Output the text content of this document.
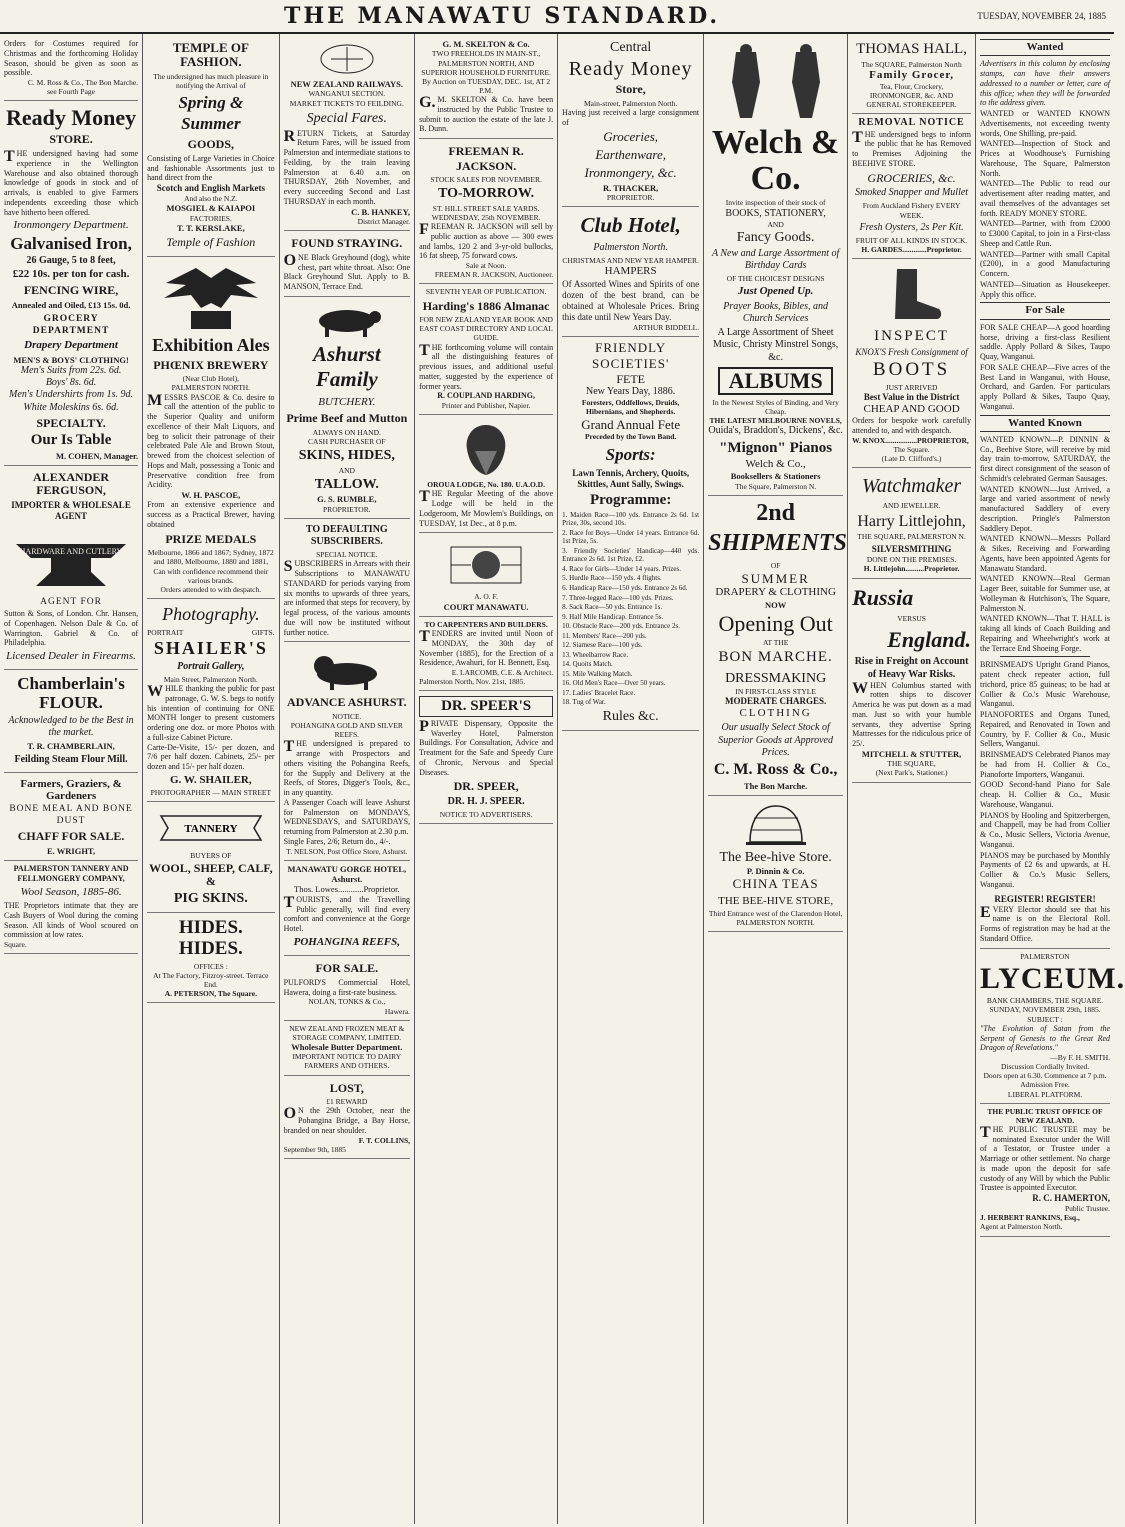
THE MANAWATU STANDARD.	TUESDAY, NOVEMBER 24, 1885
Orders for Costumes required for Christmas and the forthcoming Holiday Season, should be given as soon as possible.
C. M. Ross & Co., The Bon Marche.
see Fourth Page
Ready Money
STORE.
THE undersigned having had some experience in the Wellington Warehouse and also obtained thorough knowledge of goods in stock and of arrivals, is enabled to give Farmers independents exceeding those which have hitherto been offered.
Ironmongery Department.
Galvanised Iron,
26 Gauge, 5 to 8 feet,
£22 10s. per ton for cash.
FENCING WIRE,
Annealed and Oiled, £13 15s. 0d.
GROCERY DEPARTMENT
Drapery Department
MEN'S & BOYS' CLOTHING!
Men's Suits from 22s. 6d.
Boys' 8s. 6d.
Men's Undershirts from 1s. 9d.
White Moleskins 6s. 6d.
SPECIALTY.
Our Is Table
M. COHEN, Manager.
ALEXANDER FERGUSON,
IMPORTER & WHOLESALE AGENT
HARDWARE AND CUTLERY
AGENT FOR
Sutton & Sons, of London. Chr. Hansen, of Copenhagen. Nelson Dale & Co. of Warrington. Gabriel & Co. of Philadelphia.
Licensed Dealer in Firearms.
Chamberlain's FLOUR.
Acknowledged to be the Best in the market.
T. R. CHAMBERLAIN,
Feilding Steam Flour Mill.
Farmers, Graziers, & Gardeners
BONE MEAL AND BONE DUST
CHAFF FOR SALE.
E. WRIGHT,
PALMERSTON TANNERY AND FELLMONGERY COMPANY,
Wool Season, 1885-86.
THE Proprietors intimate that they are Cash Buyers of Wool during the coming Season. All kinds of Wool scoured on commission at low rates.
Square.
TEMPLE OF FASHION.
The undersigned has much pleasure in notifying the Arrival of
Spring & Summer
GOODS,
Consisting of Large Varieties in Choice and fashionable Assortments just to hand direct from the
Scotch and English Markets
And also the N.Z.
MOSGIEL & KAIAPOI
FACTORIES.
T. T. KERSLAKE,
Temple of Fashion
Exhibition Ales
PHŒNIX BREWERY
(Near Club Hotel),
PALMERSTON NORTH.
MESSRS PASCOE & Co. desire to call the attention of the public to the Superior Quality and uniform excellence of their Malt Liquors, and beg to solicit their patronage of their celebrated Pale Ale and Brown Stout, brewed from the choicest selection of Hops and Malt, possessing a Tonic and Preservative condition free from Acidity.
W. H. PASCOE,
From an extensive experience and success as a Practical Brewer, having obtained
PRIZE MEDALS
Melbourne, 1866 and 1867; Sydney, 1872 and 1880, Melbourne, 1880 and 1881,
Can with confidence recommend their various brands.
Orders attended to with despatch.
Photography.
PORTRAIT	GIFTS.
SHAILER'S
Portrait Gallery,
Main Street, Palmerston North.
WHILE thanking the public for past patronage, G. W. S. begs to notify his intention of continuing for ONE MONTH longer to present customers ordering one doz. or more Photos with a full-size Cabinet Picture.
Carte-De-Visite, 15/- per dozen, and 7/6 per half dozen. Cabinets, 25/- per dozen and 15/- per half dozen.
G. W. SHAILER,
PHOTOGRAPHER — MAIN STREET
TANNERY
BUYERS OF
WOOL, SHEEP, CALF, &
PIG SKINS.
HIDES. HIDES.
OFFICES :
At The Factory, Fitzroy-street. Terrace End.
A. PETERSON, The Square.
NEW ZEALAND RAILWAYS.
WANGANUI SECTION.
MARKET TICKETS TO FEILDING.
Special Fares.
RETURN Tickets, at Saturday Return Fares, will be issued from Palmerston and intermediate stations to Feilding, by the train leaving Palmerston at 6.40 a.m. on THURSDAY, 26th November, and every succeeding Second and Last THURSDAY in each month.
C. B. HANKEY,
District Manager.
FOUND STRAYING.
ONE Black Greyhound (dog), white chest, part white throat. Also: One Black Greyhound Slut. Apply to B. MANSON, Terrace End.
Ashurst Family
BUTCHERY.
Prime Beef and Mutton
ALWAYS ON HAND.
CASH PURCHASER OF
SKINS, HIDES,
AND
TALLOW.
G. S. RUMBLE,
PROPRIETOR.
TO DEFAULTING SUBSCRIBERS.
SPECIAL NOTICE.
SUBSCRIBERS in Arrears with their Subscriptions to MANAWATU STANDARD for periods varying from six months to upwards of three years, are informed that steps for recovery, by legal process, of the various amounts due will now be instituted without further notice.
ADVANCE ASHURST.
NOTICE.
POHANGINA GOLD AND SILVER REEFS.
THE undersigned is prepared to arrange with Prospectors and others visiting the Pohangina Reefs, for the Supply and Delivery at the Reefs, of Stores, Digger's Tools, &c., in any quantity.
A Passenger Coach will leave Ashurst for Palmerston on MONDAYS, WEDNESDAYS, and SATURDAYS, returning from Palmerston at 2.30 p.m.
Single Fares, 2/6; Return do., 4/-.
T. NELSON, Post Office Store, Ashurst.
MANAWATU GORGE HOTEL, Ashurst.
Thos. Lowes............Proprietor.
TOURISTS, and the Travelling Public generally, will find every comfort and convenience at the Gorge Hotel.
POHANGINA REEFS,
FOR SALE.
PULFORD'S Commercial Hotel, Hawera, doing a first-rate business.
NOLAN, TONKS & Co.,
Hawera.
NEW ZEALAND FROZEN MEAT & STORAGE COMPANY, LIMITED.
Wholesale Butter Department.
IMPORTANT NOTICE TO DAIRY FARMERS AND OTHERS.
LOST,
£1 REWARD
ON the 29th October, near the Pohangina Bridge, a Bay Horse, branded on near shoulder.
F. T. COLLINS,
September 9th, 1885
G. M. SKELTON & Co.
TWO FREEHOLDS IN MAIN-ST., PALMERSTON NORTH, AND SUPERIOR HOUSEHOLD FURNITURE.
By Auction on TUESDAY, DEC. 1st, AT 2 P.M.
G.M. SKELTON & Co. have been instructed by the Public Trustee to submit to auction the estate of the late J. B. Dunn.
FREEMAN R. JACKSON.
STOCK SALES FOR NOVEMBER.
TO-MORROW.
ST. HILL STREET SALE YARDS.
WEDNESDAY, 25th NOVEMBER.
FREEMAN R. JACKSON will sell by public auction as above — 300 ewes and lambs, 120 2 and 3-yr-old bullocks, 16 fat sheep, 75 forward cows.
Sale at Noon.
FREEMAN R. JACKSON, Auctioneer.
SEVENTH YEAR OF PUBLICATION.
Harding's 1886 Almanac
FOR NEW ZEALAND YEAR BOOK AND EAST COAST DIRECTORY AND LOCAL GUIDE.
THE forthcoming volume will contain all the distinguishing features of previous issues, and additional useful matter, suggested by the experience of former years.
R. COUPLAND HARDING,
Printer and Publisher, Napier.
OROUA LODGE, No. 180. U.A.O.D.
THE Regular Meeting of the above Lodge will be held in the Lodgeroom, Mr Mowlem's Buildings, on TUESDAY, 1st Dec., at 8 p.m.
A. O. F.
COURT MANAWATU.
TO CARPENTERS AND BUILDERS.
TENDERS are invited until Noon of MONDAY, the 30th day of November (1885), for the Erection of a Residence, Awahuri, for H. Bennett, Esq.
E. LARCOMB, C.E. & Architect.
Palmerston North, Nov. 21st, 1885.
DR. SPEER'S
PRIVATE Dispensary, Opposite the Waverley Hotel, Palmerston Buildings. For Consultation, Advice and Treatment for the Safe and Speedy Cure of Chronic, Nervous and Special Diseases.
DR. SPEER,
DR. H. J. SPEER.
NOTICE TO ADVERTISERS.
Central
Ready Money
Store,
Main-street, Palmerston North.
Having just received a large consignment of
Groceries,
Earthenware,
Ironmongery, &c.
R. THACKER,
PROPRIETOR.
Club Hotel,
Palmerston North.
CHRISTMAS AND NEW YEAR HAMPER.
HAMPERS
Of Assorted Wines and Spirits of one dozen of the best brand, can be obtained at Wholesale Prices. Bring this date until New Years Day.
ARTHUR BIDDELL.
FRIENDLY SOCIETIES'
FETE
New Years Day, 1886.
Foresters, Oddfellows, Druids, Hibernians, and Shepherds.
Grand Annual Fete
Preceded by the Town Band.
Sports:
Lawn Tennis, Archery, Quoits, Skittles, Aunt Sally, Swings.
Programme:
1. Maiden Race—100 yds. Entrance 2s 6d. 1st Prize, 30s, second 10s.
2. Race for Boys—Under 14 years. Entrance 6d. 1st Prize, 5s.
3. Friendly Societies' Handicap—440 yds. Entrance 2s 6d. 1st Prize, £2.
4. Race for Girls—Under 14 years. Prizes.
5. Hurdle Race—150 yds. 4 flights.
6. Handicap Race—150 yds. Entrance 2s 6d.
7. Three-legged Race—100 yds. Prizes.
8. Sack Race—50 yds. Entrance 1s.
9. Half Mile Handicap. Entrance 5s.
10. Obstacle Race—200 yds. Entrance 2s.
11. Members' Race—200 yds.
12. Siamese Race—100 yds.
13. Wheelbarrow Race.
14. Quoits Match.
15. Mile Walking Match.
16. Old Men's Race—Over 50 years.
17. Ladies' Bracelet Race.
18. Tug of War.
Rules &c.
Welch & Co.
Invite inspection of their stock of
BOOKS, STATIONERY,
AND
Fancy Goods.
A New and Large Assortment of Birthday Cards
OF THE CHOICEST DESIGNS
Just Opened Up.
Prayer Books, Bibles, and Church Services
A Large Assortment of Sheet Music, Christy Minstrel Songs, &c.
ALBUMS
In the Newest Styles of Binding, and Very Cheap.
THE LATEST MELBOURNE NOVELS,
Ouida's, Braddon's, Dickens', &c.
"Mignon" Pianos
Welch & Co.,
Booksellers & Stationers
The Square, Palmerston N.
2nd
SHIPMENTS
OF
SUMMER
DRAPERY & CLOTHING
NOW
Opening Out
AT THE
BON MARCHE.
DRESSMAKING
IN FIRST-CLASS STYLE
MODERATE CHARGES.
CLOTHING
Our usually Select Stock of Superior Goods at Approved Prices.
C. M. Ross & Co.,
The Bon Marche.
The Bee-hive Store.
P. Dinnin & Co.
CHINA TEAS
THE BEE-HIVE STORE,
Third Entrance west of the Clarendon Hotel,
PALMERSTON NORTH.
THOMAS HALL,
The SQUARE, Palmerston North
Family Grocer,
Tea, Flour, Crockery,
IRONMONGER, &c. AND GENERAL STOREKEEPER.
REMOVAL NOTICE
THE undersigned begs to inform the public that he has Removed to Premises Adjoining the BEEHIVE STORE.
GROCERIES, &c.
Smoked Snapper and Mullet
From Auckland Fishery EVERY WEEK.
Fresh Oysters, 2s Per Kit.
FRUIT OF ALL KINDS IN STOCK.
H. GARDES.............Proprietor.
INSPECT
KNOX'S Fresh Consignment of
BOOTS
JUST ARRIVED
Best Value in the District
CHEAP AND GOOD
Orders for bespoke work carefully attended to, and with despatch.
W. KNOX.................PROPRIETOR,
The Square.
(Late D. Clifford's.)
Watchmaker
AND JEWELLER.
Harry Littlejohn,
THE SQUARE, PALMERSTON N.
SILVERSMITHING
DONE ON THE PREMISES.
H. Littlejohn..........Proprietor.
Russia
VERSUS
England.
Rise in Freight on Account of Heavy War Risks.
WHEN Columbus started with rotten ships to discover America he was put down as a mad man. Just so with your humble servants, they advertise Spring Mattresses for the ridiculous price of 25/.
MITCHELL & STUTTER,
THE SQUARE,
(Next Park's, Stationer.)
Wanted
Advertisers in this column by enclosing stamps, can have their answers addressed to a number or letter, care of this office; when they will be forwarded to the address given.
WANTED or WANTED KNOWN Advertisements, not exceeding twenty words, One Shilling, pre-paid.
WANTED—Inspection of Stock and Prices at Woodhouse's Furnishing Warehouse, The Square, Palmerston North.
WANTED—The Public to read our advertisement after reading matter, and avail themselves of the advantages set forth. READY MONEY STORE.
WANTED—Partner, with from £2000 to £3000 Capital, to join in a First-class Sheep and Cattle Run.
WANTED—Partner with small Capital (£200), in a good Manufacturing Concern.
WANTED—Situation as Housekeeper. Apply this office.
For Sale
FOR SALE CHEAP—A good hoarding horse, driving a first-class Resilient saddle. Apply Pollard & Sikes, Taupo Quay, Wanganui.
FOR SALE CHEAP—Five acres of the Best Land in Wanganui, with House, Orchard, and Garden. For particulars apply Pollard & Sikes, Taupo Quay, Wanganui.
Wanted Known
WANTED KNOWN—P. DINNIN & Co., Beehive Store, will receive by mid day train to-morrow, SATURDAY, the first direct consignment of the season of Schmidt's celebrated German Sausages.
WANTED KNOWN—Just Arrived, a large and varied assortment of newly manufactured Saddlery of every description. Pringle's Palmerston Saddlery Depot.
WANTED KNOWN—Messrs Pollard & Sikes, Receiving and Forwarding Agents, have been appointed Agents for Manawatu Standard.
WANTED KNOWN—Real German Lager Beer, suitable for Summer use, at Wolleyman & Hutchison's, The Square, Palmerston N.
WANTED KNOWN—That T. HALL is taking all kinds of Coach Building and Repairing and Wheelwright's work at the Terrace End Shoeing Forge.
BRINSMEAD'S Upright Grand Pianos, patent check repeater action, full trichord, price 85 guineas; to be had at Collier & Co.'s Music Warehouse, Wanganui.
PIANOFORTES and Organs Tuned, Repaired, and Renovated in Town and Country, by F. Collier & Co., Music Sellers, Wanganui.
BRINSMEAD'S Celebrated Pianos may be had from H. Collier & Co., Pianoforte Importers, Wanganui.
GOOD Second-hand Piano for Sale cheap. H. Collier & Co., Music Warehouse, Wanganui.
PIANOS by Hooling and Spitzerbergen, and Chappell, may be had from Collier & Co., Music Sellers, Victoria Avenue, Wanganui.
PIANOS may be purchased by Monthly Payments of £2 6s and upwards, at H. Collier & Co.'s Music Sellers, Wanganui.
REGISTER! REGISTER!
EVERY Elector should see that his name is on the Electoral Roll. Forms of registration may be had at the Standard Office.
PALMERSTON
LYCEUM.
BANK CHAMBERS, THE SQUARE.
SUNDAY, NOVEMBER 29th, 1885.
SUBJECT :
"The Evolution of Satan from the Serpent of Genesis to the Great Red Dragon of Revelations."
—By F. H. SMITH.
Discussion Cordially Invited.
Doors open at 6.30. Commence at 7 p.m.
Admission Free.
LIBERAL PLATFORM.
THE PUBLIC TRUST OFFICE OF NEW ZEALAND.
THE PUBLIC TRUSTEE may be nominated Executor under the Will of a Testator, or Trustee under a Marriage or other settlement. No charge is made upon the deposit for safe custody of any Will by which the Public Trustee is appointed Executor.
R. C. HAMERTON,
Public Trustee.
J. HERBERT RANKINS, Esq.,
Agent at Palmerston North.
